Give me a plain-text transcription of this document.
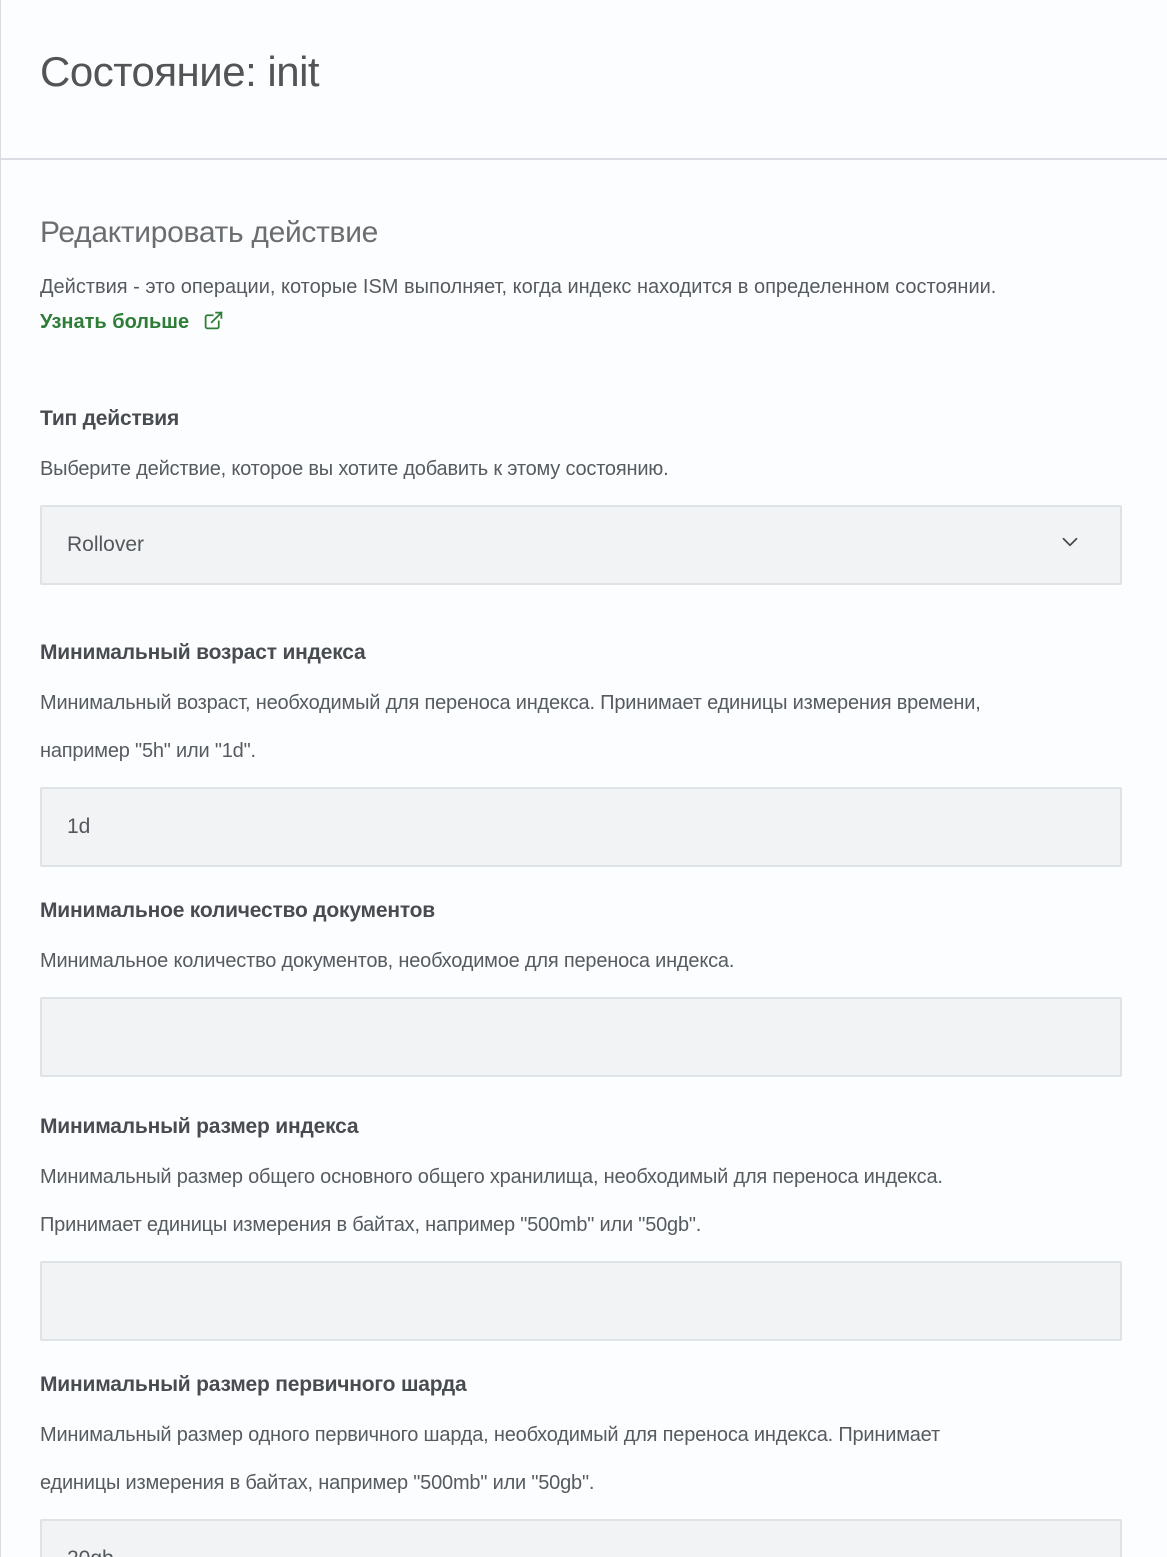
Состояние: init
Редактировать действие

Действия - это операции, которые ISM выполняет, когда индекс находится в определенном состоянии. Узнать больше

Тип действия
Выберите действие, которое вы хотите добавить к этому состоянию.
Rollover
Минимальный возраст индекса
Минимальный возраст, необходимый для переноса индекса. Принимает единицы измерения времени,
например "5h" или "1d".
1d
Минимальное количество документов
Минимальное количество документов, необходимое для переноса индекса.
Минимальный размер индекса
Минимальный размер общего основного общего хранилища, необходимый для переноса индекса.
Принимает единицы измерения в байтах, например "500mb" или "50gb".
Минимальный размер первичного шарда
Минимальный размер одного первичного шарда, необходимый для переноса индекса. Принимает
единицы измерения в байтах, например "500mb" или "50gb".
20gb
